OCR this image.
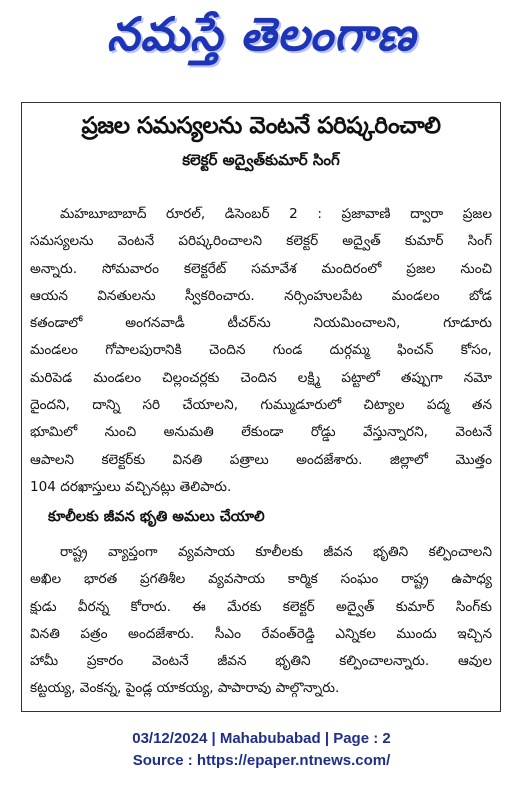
నమస్తే తెలంగాణ
ప్రజల సమస్యలను వెంటనే పరిష్కరించాలి
కలెక్టర్ అద్వైత్‌కుమార్ సింగ్
మహబూబాబాద్ రూరల్, డిసెంబర్ 2 : ప్రజావాణి ద్వారా ప్రజల
సమస్యలను వెంటనే పరిష్కరించాలని కలెక్టర్ అద్వైత్ కుమార్ సింగ్
అన్నారు. సోమవారం కలెక్టరేట్ సమావేశ మందిరంలో ప్రజల నుంచి
ఆయన వినతులను స్వీకరించారు. నర్సింహులపేట మండలం బోడ
కతండాలో అంగనవాడీ టీచర్‌ను నియమించాలని, గూడూరు
మండలం గోపాలపురానికి చెందిన గుండ దుర్గమ్మ ఫించన్ కోసం,
మరిపెడ మండలం చిల్లంచర్లకు చెందిన లక్ష్మి పట్టాలో తప్పుగా నమో
దైందని, దాన్ని సరి చేయాలని, గుమ్ముడూరులో చిట్యాల పద్మ తన
భూమిలో నుంచి అనుమతి లేకుండా రోడ్డు వేస్తున్నారని, వెంటనే
ఆపాలని కలెక్టర్‌కు వినతి పత్రాలు అందజేశారు. జిల్లాలో మొత్తం
104 దరఖాస్తులు వచ్చినట్లు తెలిపారు.
కూలీలకు జీవన భృతి అమలు చేయాలి
రాష్ట్ర వ్యాప్తంగా వ్యవసాయ కూలీలకు జీవన భృతిని కల్పించాలని
అఖిల భారత ప్రగతిశీల వ్యవసాయ కార్మిక సంఘం రాష్ట్ర ఉపాధ్య
క్షుడు వీరన్న కోరారు. ఈ మేరకు కలెక్టర్ అద్వైత్ కుమార్ సింగ్‌కు
వినతి పత్రం అందజేశారు. సీఎం రేవంత్‌రెడ్డి ఎన్నికల ముందు ఇచ్చిన
హామీ ప్రకారం వెంటనే జీవన భృతిని కల్పించాలన్నారు. ఆవుల
కట్టయ్య, వెంకన్న, పైండ్ల యాకయ్య, పాపారావు పాల్గొన్నారు.
03/12/2024 | Mahabubabad | Page : 2
Source : https://epaper.ntnews.com/
